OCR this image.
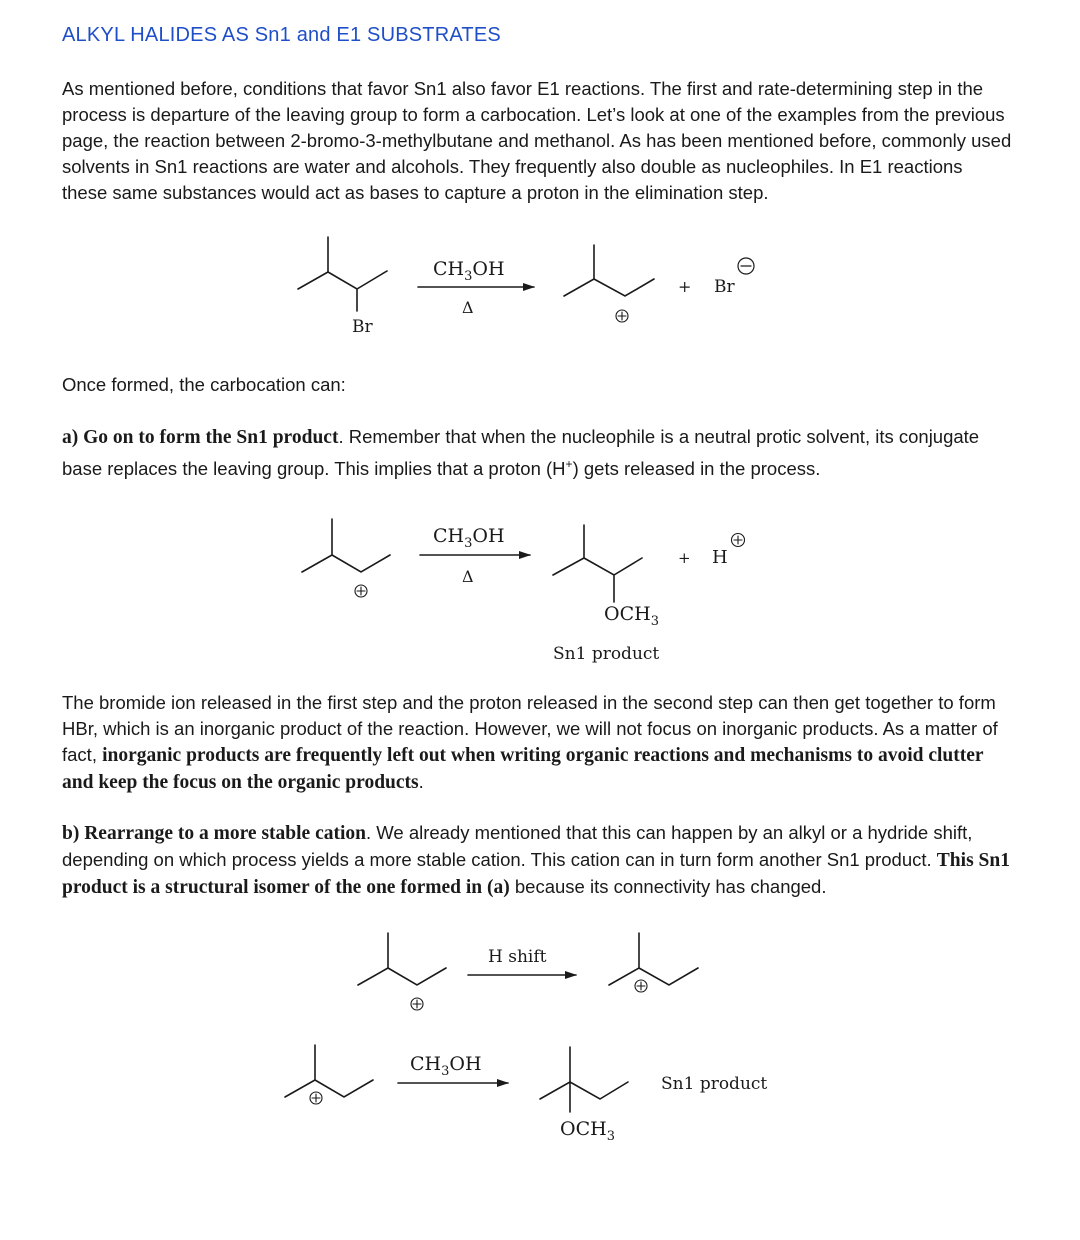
ALKYL HALIDES AS Sn1 and E1 SUBSTRATES
As mentioned before, conditions that favor Sn1 also favor E1 reactions. The first and rate-determining step in the process is departure of the leaving group to form a carbocation. Let’s look at one of the examples from the previous page, the reaction between 2-bromo-3-methylbutane and methanol. As has been mentioned before, commonly used solvents in Sn1 reactions are water and alcohols. They frequently also double as nucleophiles. In E1 reactions these same substances would act as bases to capture a proton in the elimination step.
Once formed, the carbocation can:
a) Go on to form the Sn1 product. Remember that when the nucleophile is a neutral protic solvent, its conjugate base replaces the leaving group. This implies that a proton (H+) gets released in the process.
The bromide ion released in the first step and the proton released in the second step can then get together to form HBr, which is an inorganic product of the reaction. However, we will not focus on inorganic products. As a matter of fact, inorganic products are frequently left out when writing organic reactions and mechanisms to avoid clutter and keep the focus on the organic products.
b) Rearrange to a more stable cation. We already mentioned that this can happen by an alkyl or a hydride shift, depending on which process yields a more stable cation. This cation can in turn form another Sn1 product. This Sn1 product is a structural isomer of the one formed in (a) because its connectivity has changed.
Br
$CH_3OH$
Δ
+ Br
$CH_3OH$
Δ
$OCH_3$
+ H
Sn1 product
H shift
$CH_3OH$
$OCH_3$
Sn1 product
